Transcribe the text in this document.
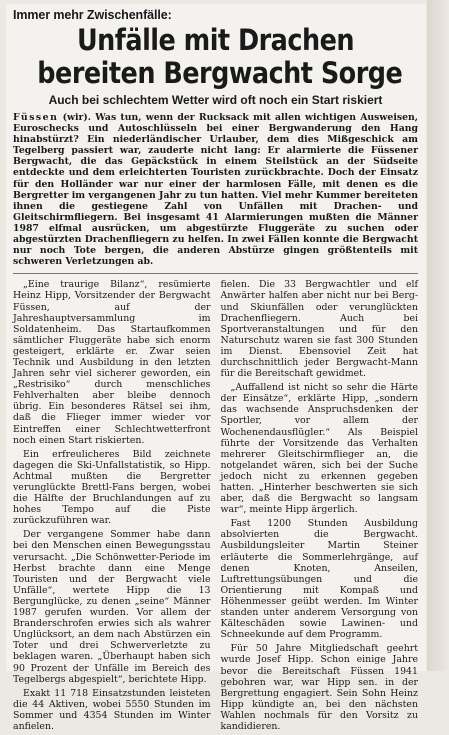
Immer mehr Zwischenfälle:
Unfälle mit Drachen
bereiten Bergwacht Sorge
Auch bei schlechtem Wetter wird oft noch ein Start riskiert

Füssen (wir). Was tun, wenn der Rucksack mit allen wichtigen Ausweisen, Euroschecks und Autoschlüsseln bei einer Bergwanderung den Hang hinabstürzt? Ein niederländischer Urlauber, dem dies Mißgeschick am Tegelberg passiert war, zauderte nicht lang: Er alarmierte die Füssener Bergwacht, die das Gepäckstück in einem Steilstück an der Südseite entdeckte und dem erleichterten Touristen zurückbrachte. Doch der Einsatz für den Holländer war nur einer der harmlosen Fälle, mit denen es die Bergretter im vergangenen Jahr zu tun hatten. Viel mehr Kummer bereiteten ihnen die gestiegene Zahl von Unfällen mit Drachen- und Gleitschirmfliegern. Bei insgesamt 41 Alarmierungen mußten die Männer 1987 elfmal ausrücken, um abgestürzte Fluggeräte zu suchen oder abgestürzten Drachenfliegern zu helfen. In zwei Fällen konnte die Bergwacht nur noch Tote bergen, die anderen Abstürze gingen größtenteils mit schweren Verletzungen ab.

„Eine traurige Bilanz“, resümierte Heinz Hipp, Vorsitzender der Bergwacht Füssen, auf der Jahreshauptversammlung im Soldatenheim. Das Startaufkommen sämtlicher Fluggeräte habe sich enorm gesteigert, erklärte er. Zwar seien Technik und Ausbildung in den letzten Jahren sehr viel sicherer geworden, ein „Restrisiko“ durch menschliches Fehlverhalten aber bleibe dennoch übrig. Ein besonderes Rätsel sei ihm, daß die Flieger immer wieder vor Eintreffen einer Schlechtwetterfront noch einen Start riskierten.

Ein erfreulicheres Bild zeichnete dagegen die Ski-Unfallstatistik, so Hipp. Achtmal mußten die Bergretter verunglückte Brettl-Fans bergen, wobei die Hälfte der Bruchlandungen auf zu hohes Tempo auf die Piste zurückzuführen war.

Der vergangene Sommer habe dann bei den Menschen einen Bewegungsstau verursacht. „Die Schönwetter-Periode im Herbst brachte dann eine Menge Touristen und der Bergwacht viele Unfälle“, wertete Hipp die 13 Bergunglücke, zu denen „seine“ Männer 1987 gerufen wurden. Vor allem der Branderschrofen erwies sich als wahrer Unglücksort, an dem nach Abstürzen ein Toter und drei Schwerverletzte zu beklagen waren. „Überhaupt haben sich 90 Prozent der Unfälle im Bereich des Tegelbergs abgespielt“, berichtete Hipp.

Exakt 11 718 Einsatzstunden leisteten die 44 Aktiven, wobei 5550 Stunden im Sommer und 4354 Stunden im Winter anfielen.

fielen. Die 33 Bergwachtler und elf Anwärter halfen aber nicht nur bei Berg- und Skiunfällen oder verunglückten Drachenfliegern. Auch bei Sportveranstaltungen und für den Naturschutz waren sie fast 300 Stunden im Dienst. Ebensoviel Zeit hat durchschnittlich jeder Bergwacht-Mann für die Bereitschaft gewidmet.

„Auffallend ist nicht so sehr die Härte der Einsätze“, erklärte Hipp, „sondern das wachsende Anspruchsdenken der Sportler, vor allem der Wochenendausflügler.“ Als Beispiel führte der Vorsitzende das Verhalten mehrerer Gleitschirmflieger an, die notgelandet wären, sich bei der Suche jedoch nicht zu erkennen gegeben hatten. „Hinterher beschwerten sie sich aber, daß die Bergwacht so langsam war“, meinte Hipp ärgerlich.

Fast 1200 Stunden Ausbildung absolvierten die Bergwacht. Ausbildungsleiter Martin Steiner erläuterte die Sommerlehrgänge, auf denen Knoten, Anseilen, Luftrettungsübungen und die Orientierung mit Kompaß und Höhenmesser geübt werden. Im Winter standen unter anderem Versorgung von Kälteschäden sowie Lawinen- und Schneekunde auf dem Programm.

Für 50 Jahre Mitgliedschaft geehrt wurde Josef Hipp. Schon einige Jahre bevor die Bereitschaft Füssen 1941 gebohren war, war Hipp sen. in der Bergrettung engagiert. Sein Sohn Heinz Hipp kündigte an, bei den nächsten Wahlen nochmals für den Vorsitz zu kandidieren.
